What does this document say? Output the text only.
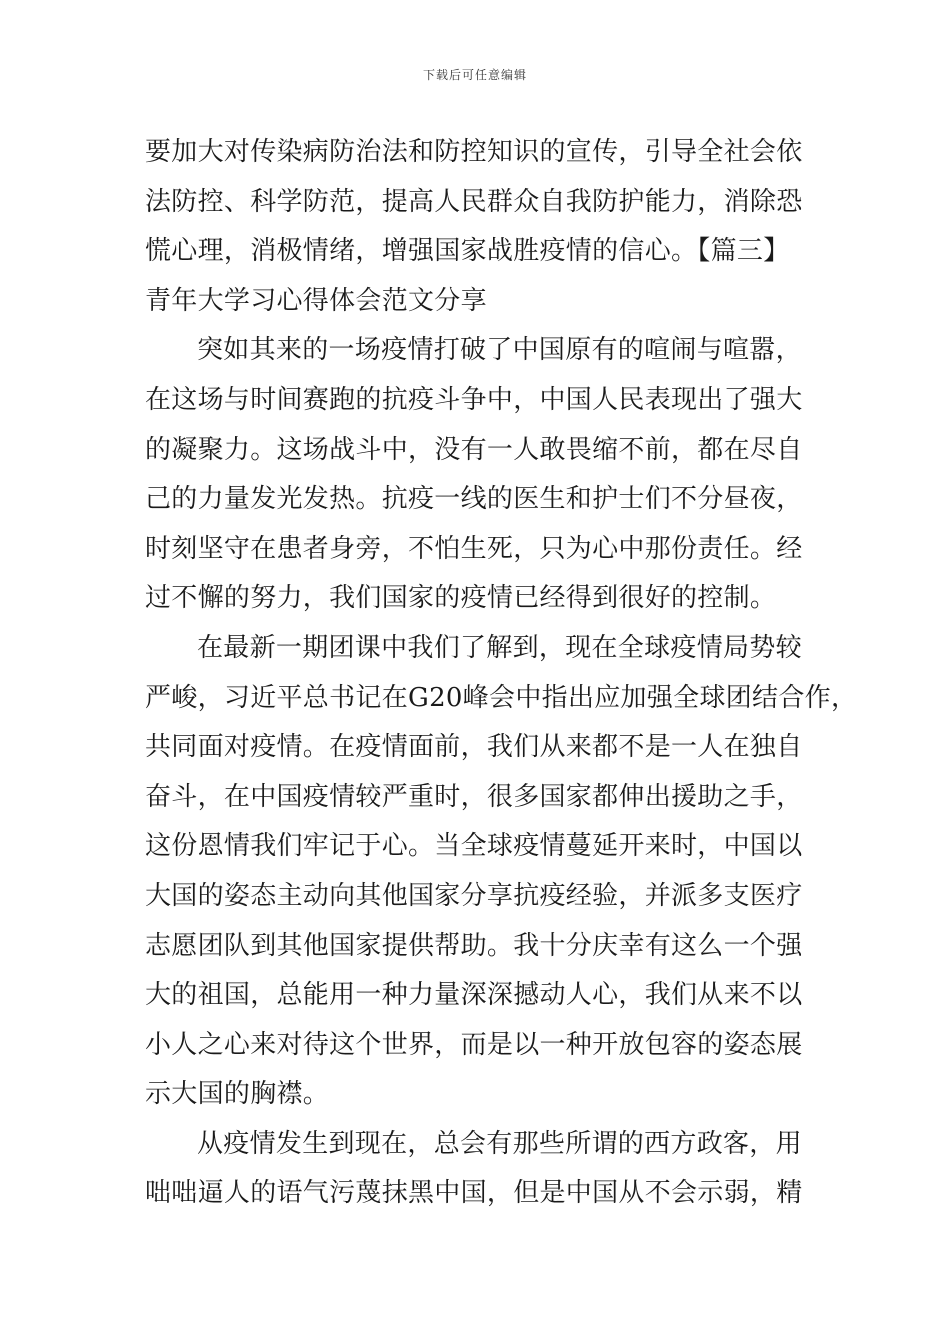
下载后可任意编辑
要加大对传染病防治法和防控知识的宣传，引导全社会依
法防控、科学防范，提高人民群众自我防护能力，消除恐
慌心理，消极情绪，增强国家战胜疫情的信心。【篇三】
青年大学习心得体会范文分享
突如其来的一场疫情打破了中国原有的喧闹与喧嚣，
在这场与时间赛跑的抗疫斗争中，中国人民表现出了强大
的凝聚力。这场战斗中，没有一人敢畏缩不前，都在尽自
己的力量发光发热。抗疫一线的医生和护士们不分昼夜，
时刻坚守在患者身旁，不怕生死，只为心中那份责任。经
过不懈的努力，我们国家的疫情已经得到很好的控制。
在最新一期团课中我们了解到，现在全球疫情局势较
严峻，习近平总书记在G20峰会中指出应加强全球团结合作，
共同面对疫情。在疫情面前，我们从来都不是一人在独自
奋斗，在中国疫情较严重时，很多国家都伸出援助之手，
这份恩情我们牢记于心。当全球疫情蔓延开来时，中国以
大国的姿态主动向其他国家分享抗疫经验，并派多支医疗
志愿团队到其他国家提供帮助。我十分庆幸有这么一个强
大的祖国，总能用一种力量深深撼动人心，我们从来不以
小人之心来对待这个世界，而是以一种开放包容的姿态展
示大国的胸襟。
从疫情发生到现在，总会有那些所谓的西方政客，用
咄咄逼人的语气污蔑抹黑中国，但是中国从不会示弱，精
